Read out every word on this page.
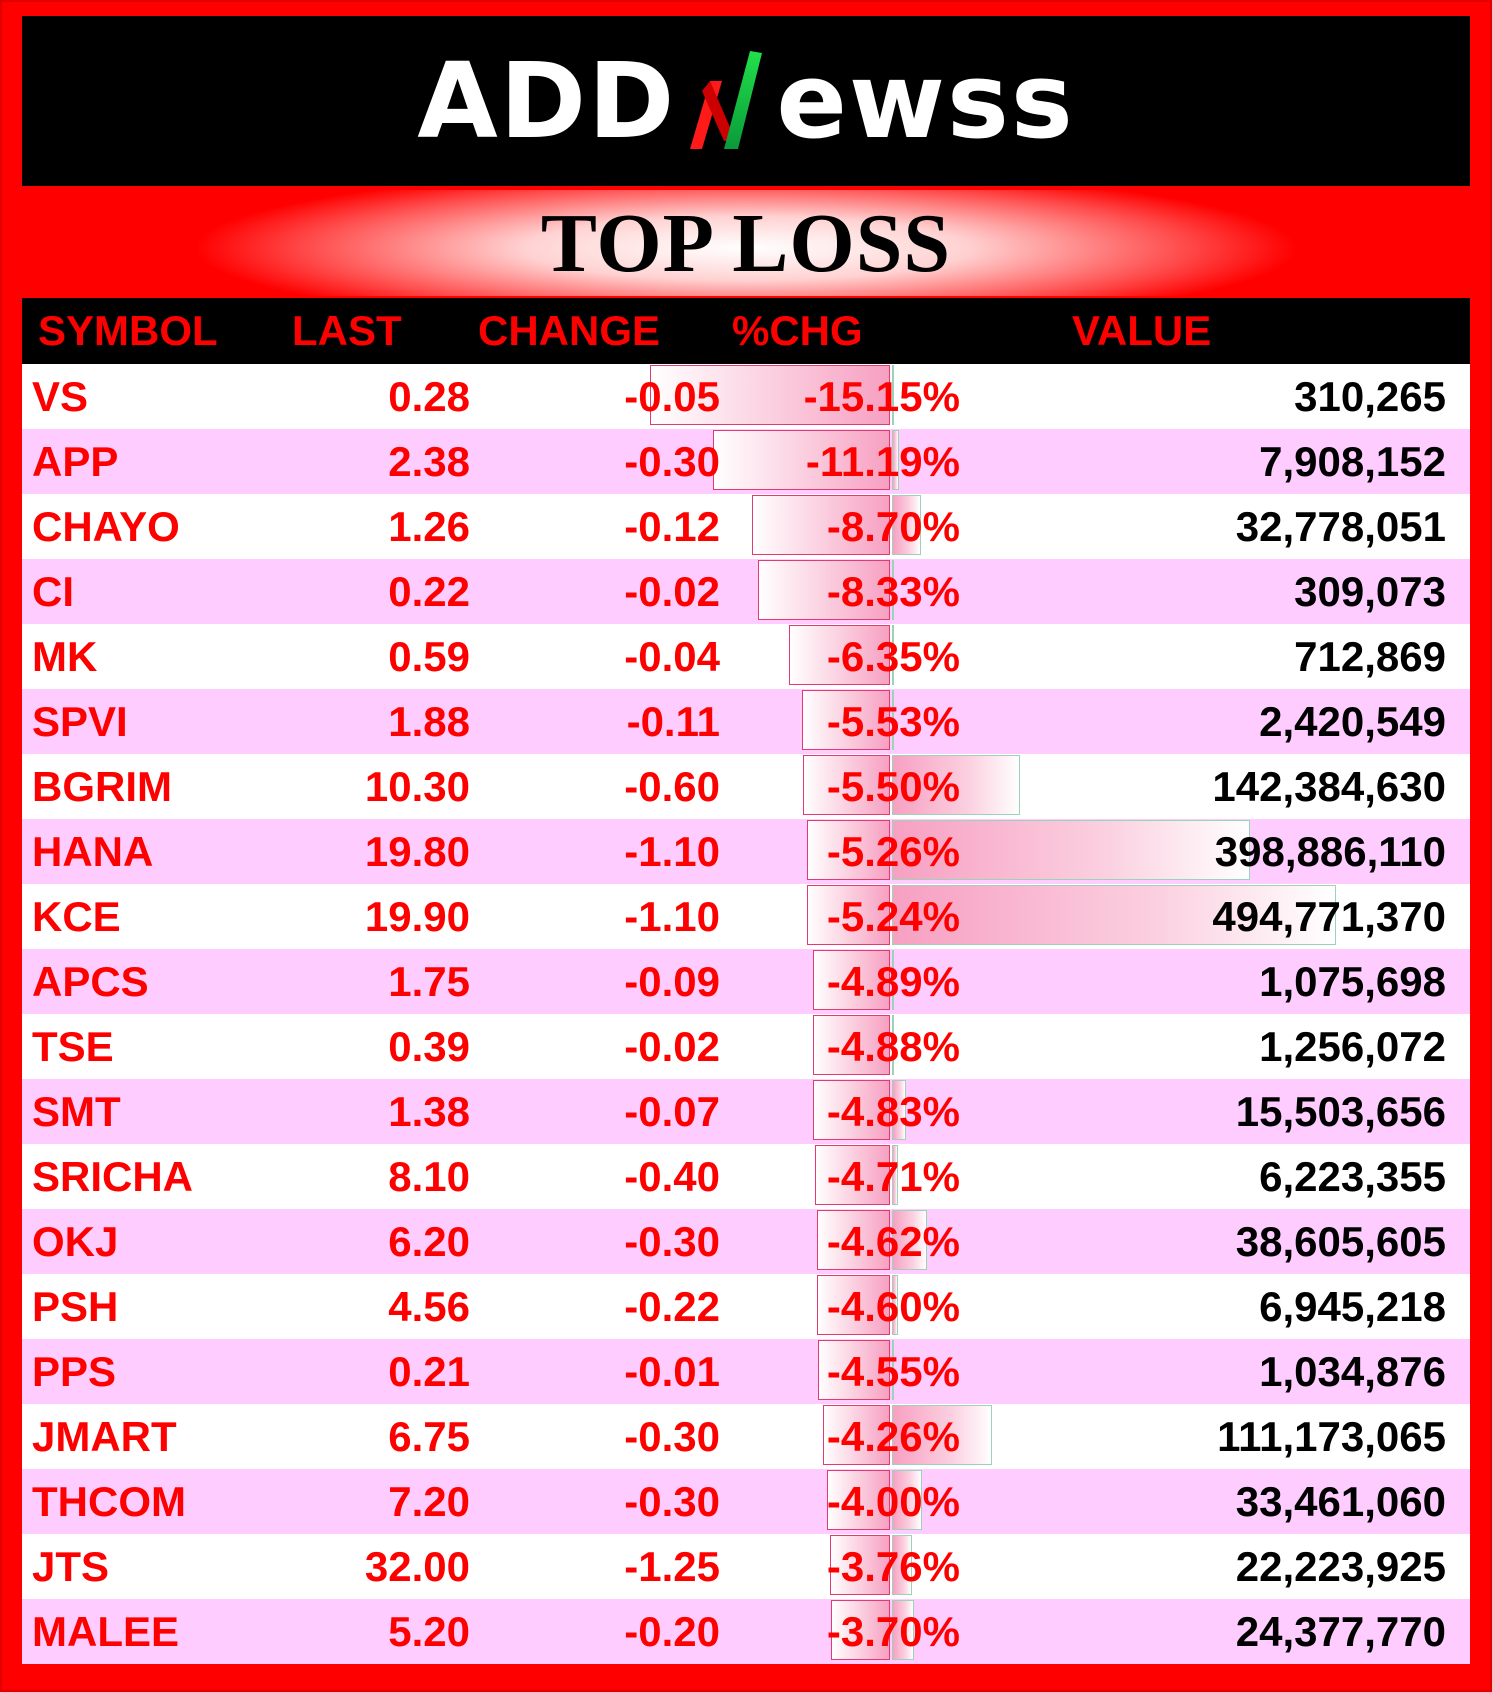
ADD ewss
TOP LOSS
SYMBOL LAST CHANGE %CHG	VALUE
VS	0.28	-0.05 -15.15%	310,265
APP	2.38	-0.30 -11.19%	7,908,152
CHAYO	1.26	-0.12	-8.70%	32,778,051
CI	0.22	-0.02	-8.33%	309,073
MK	0.59	-0.04	-6.35%	712,869
SPVI	1.88	-0.11	-5.53%	2,420,549
BGRIM	10.30	-0.60	-5.50%	142,384,630
HANA	19.80	-1.10	-5.26%	398,886,110
KCE	19.90	-1.10	-5.24%	494,771,370
APCS	1.75	-0.09	-4.89%	1,075,698
TSE	0.39	-0.02	-4.88%	1,256,072
SMT	1.38	-0.07	-4.83%	15,503,656
SRICHA	8.10	-0.40	-4.71%	6,223,355
OKJ	6.20	-0.30	-4.62%	38,605,605
PSH	4.56	-0.22	-4.60%	6,945,218
PPS	0.21	-0.01	-4.55%	1,034,876
JMART	6.75	-0.30	-4.26%	111,173,065
THCOM	7.20	-0.30	-4.00%	33,461,060
JTS	32.00	-1.25	-3.76%	22,223,925
MALEE	5.20	-0.20	-3.70%	24,377,770
